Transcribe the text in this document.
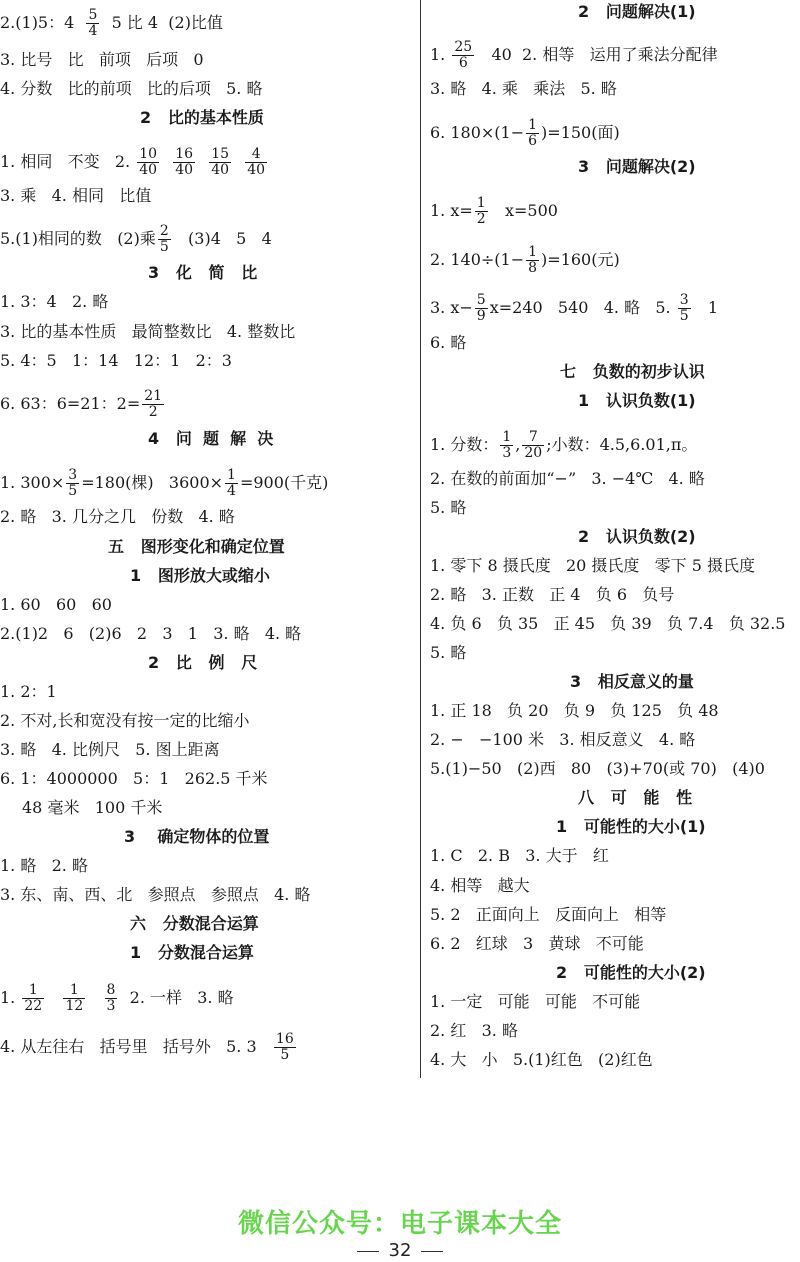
2.(1)5：$4 \frac{5}{4} 5$ 比 4  (2)比值
3. 比号   比   前项   后项   0
4. 分数   比的前项   比的后项   5. 略
2   比的基本性质
1. 相同   不变   2. $\frac{10}{40}$
$\frac{16}{40}$
$\frac{15}{40}$
$\frac{4}{40}$
3. 乘   4. 相同   比值
5.(1)相同的数   (2)乘 $\frac{2}{5} (3)4$   5   4
3   化   简   比
1. 3：4   2. 略
3. 比的基本性质   最简整数比   4. 整数比
5. 4：5   1：14   12：1   2：3
6. 63：6=21：$2= \frac{21}{2}$
4   问  题  解  决
1. $300\times \frac{3}{5} =180$(棵)   $3600\times \frac{1}{4} =900$(千克)
2. 略   3. 几分之几   份数   4. 略
五   图形变化和确定位置
1   图形放大或缩小
1. 60   60   60
2.(1)2   6   (2)6   2   3   1   3. 略   4. 略
2   比   例   尺
1. 2：1
2. 不对,长和宽没有按一定的比缩小
3. 略   4. 比例尺   5. 图上距离
6. 1：4000000   5：1   262.5 千米
48 毫米   100 千米
3    确定物体的位置
1. 略   2. 略
3. 东、南、西、北   参照点   参照点   4. 略
六   分数混合运算
1   分数混合运算
1. $\frac{1}{22}$
$\frac{1}{12}$
$\frac{8}{3} 2$. 一样   3. 略
4. 从左往右   括号里   括号外   5. $3 \frac{16}{5}$
2   问题解决(1)
1. $\frac{25}{6} 40$  2. 相等   运用了乘法分配律
3. 略   4. 乘   乘法   5. 略
6. $180\times(1- \frac{1}{6} )=150$(面)
3   问题解决(2)
1. $x= \frac{1}{2} x=500$
2. $140\div(1- \frac{1}{8} )=160$(元)
3. $x- \frac{5}{9} x=240$   540   4. 略   5. $\frac{3}{5} 1$
6. 略
七   负数的初步认识
1   认识负数(1)
1. 分数： $\frac{1}{3}$ , $\frac{7}{20}$ ;小数：4.5,6.01,π。
2. 在数的前面加“−”   3. −4℃   4. 略
5. 略
2   认识负数(2)
1. 零下 8 摄氏度   20 摄氏度   零下 5 摄氏度
2. 略   3. 正数   正 4   负 6   负号
4. 负 6   负 35   正 45   负 39   负 7.4   负 32.5
5. 略
3   相反意义的量
1. 正 18   负 20   负 9   负 125   负 48
2. −   −100 米   3. 相反意义   4. 略
5.(1)−50   (2)西   80   (3)+70(或 70)   (4)0
八   可   能   性
1   可能性的大小(1)
1. C   2. B   3. 大于   红
4. 相等   越大
5. 2   正面向上   反面向上   相等
6. 2   红球   3   黄球   不可能
2   可能性的大小(2)
1. 一定   可能   可能   不可能
2. 红   3. 略
4. 大   小   5.(1)红色   (2)红色
微信公众号：电子课本大全
32
